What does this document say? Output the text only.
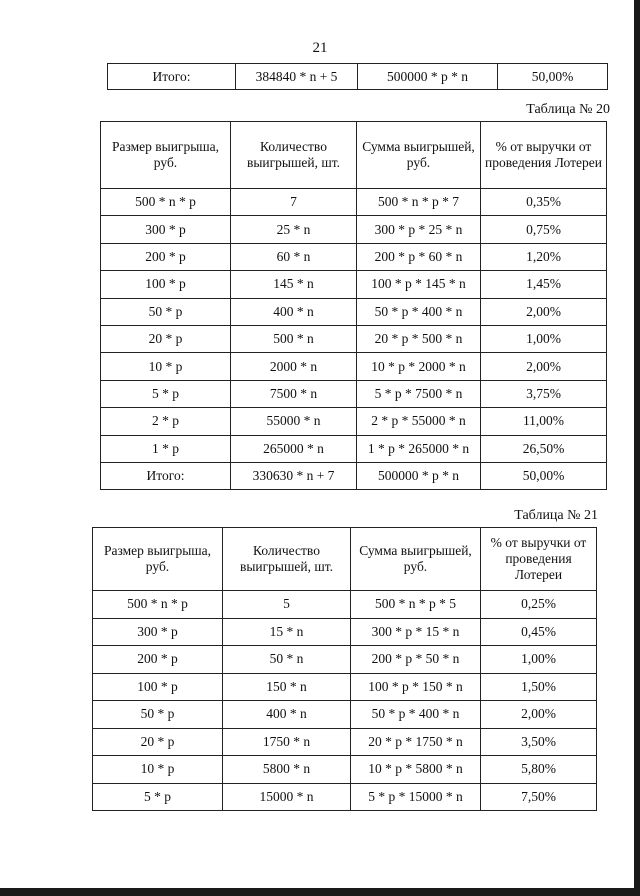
21
Итого:	384840 * n + 5	500000 * p * n	50,00%
Таблица № 20
Размер выигрыша, руб.	Количество выигрышей, шт.	Сумма выигрышей, руб.	% от выручки от проведения Лотереи
500 * n * p	7	500 * n * p * 7	0,35%
300 * p	25 * n	300 * p * 25 * n	0,75%
200 * p	60 * n	200 * p * 60 * n	1,20%
100 * p	145 * n	100 * p * 145 * n	1,45%
50 * p	400 * n	50 * p * 400 * n	2,00%
20 * p	500 * n	20 * p * 500 * n	1,00%
10 * p	2000 * n	10 * p * 2000 * n	2,00%
5 * p	7500 * n	5 * p * 7500 * n	3,75%
2 * p	55000 * n	2 * p * 55000 * n	11,00%
1 * p	265000 * n	1 * p * 265000 * n	26,50%
Итого:	330630 * n + 7	500000 * p * n	50,00%
Таблица № 21
Размер выигрыша, руб.	Количество выигрышей, шт.	Сумма выигрышей, руб.	% от выручки от проведения Лотереи
500 * n * p	5	500 * n * p * 5	0,25%
300 * p	15 * n	300 * p * 15 * n	0,45%
200 * p	50 * n	200 * p * 50 * n	1,00%
100 * p	150 * n	100 * p * 150 * n	1,50%
50 * p	400 * n	50 * p * 400 * n	2,00%
20 * p	1750 * n	20 * p * 1750 * n	3,50%
10 * p	5800 * n	10 * p * 5800 * n	5,80%
5 * p	15000 * n	5 * p * 15000 * n	7,50%
